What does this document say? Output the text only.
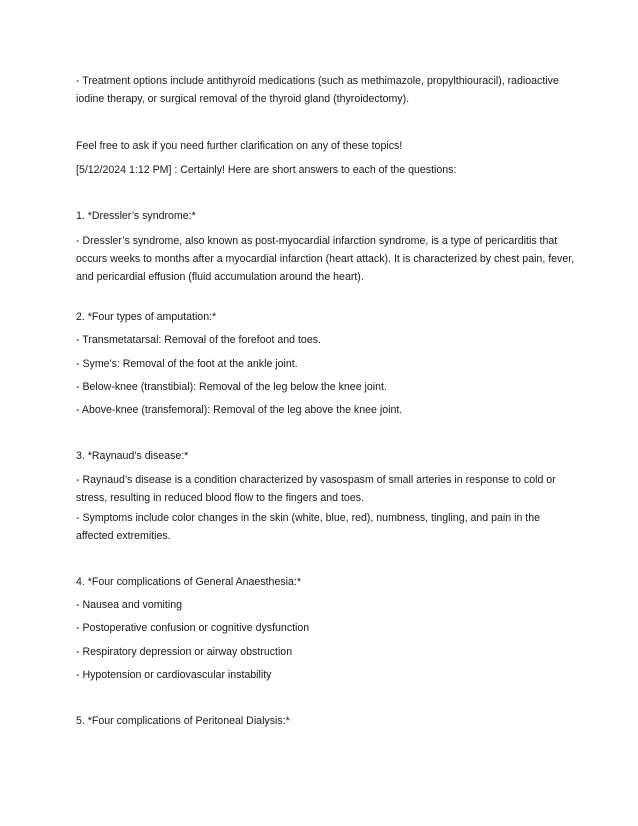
- Treatment options include antithyroid medications (such as methimazole, propylthiouracil), radioactive iodine therapy, or surgical removal of the thyroid gland (thyroidectomy).
Feel free to ask if you need further clarification on any of these topics!
[5/12/2024 1:12 PM] : Certainly! Here are short answers to each of the questions:
1. *Dressler’s syndrome:*
- Dressler’s syndrome, also known as post-myocardial infarction syndrome, is a type of pericarditis that occurs weeks to months after a myocardial infarction (heart attack). It is characterized by chest pain, fever, and pericardial effusion (fluid accumulation around the heart).
2. *Four types of amputation:*
- Transmetatarsal: Removal of the forefoot and toes.
- Syme's: Removal of the foot at the ankle joint.
- Below-knee (transtibial): Removal of the leg below the knee joint.
- Above-knee (transfemoral): Removal of the leg above the knee joint.
3. *Raynaud’s disease:*
- Raynaud’s disease is a condition characterized by vasospasm of small arteries in response to cold or stress, resulting in reduced blood flow to the fingers and toes.
- Symptoms include color changes in the skin (white, blue, red), numbness, tingling, and pain in the affected extremities.
4. *Four complications of General Anaesthesia:*
- Nausea and vomiting
- Postoperative confusion or cognitive dysfunction
- Respiratory depression or airway obstruction
- Hypotension or cardiovascular instability
5. *Four complications of Peritoneal Dialysis:*
